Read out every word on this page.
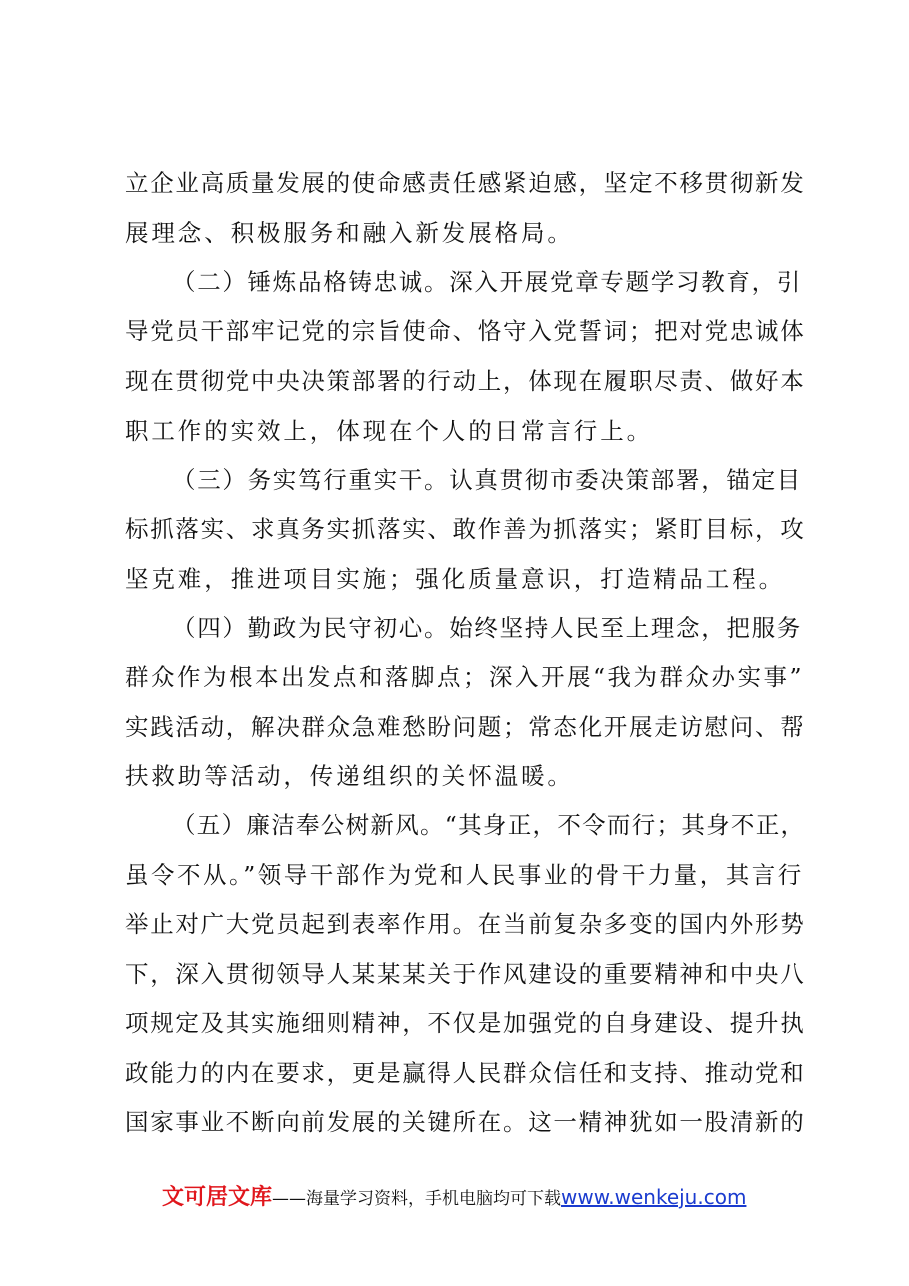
立企业高质量发展的使命感责任感紧迫感，坚定不移贯彻新发
展理念、积极服务和融入新发展格局。
（二）锤炼品格铸忠诚。深入开展党章专题学习教育，引
导党员干部牢记党的宗旨使命、恪守入党誓词；把对党忠诚体
现在贯彻党中央决策部署的行动上，体现在履职尽责、做好本
职工作的实效上，体现在个人的日常言行上。
（三）务实笃行重实干。认真贯彻市委决策部署，锚定目
标抓落实、求真务实抓落实、敢作善为抓落实；紧盯目标，攻
坚克难，推进项目实施；强化质量意识，打造精品工程。
（四）勤政为民守初心。始终坚持人民至上理念，把服务
群众作为根本出发点和落脚点；深入开展“我为群众办实事”
实践活动，解决群众急难愁盼问题；常态化开展走访慰问、帮
扶救助等活动，传递组织的关怀温暖。
（五）廉洁奉公树新风。“其身正，不令而行；其身不正，
虽令不从。”领导干部作为党和人民事业的骨干力量，其言行
举止对广大党员起到表率作用。在当前复杂多变的国内外形势
下，深入贯彻领导人某某某关于作风建设的重要精神和中央八
项规定及其实施细则精神，不仅是加强党的自身建设、提升执
政能力的内在要求，更是赢得人民群众信任和支持、推动党和
国家事业不断向前发展的关键所在。这一精神犹如一股清新的
文可居文库——海量学习资料，手机电脑均可下载www.wenkeju.com
